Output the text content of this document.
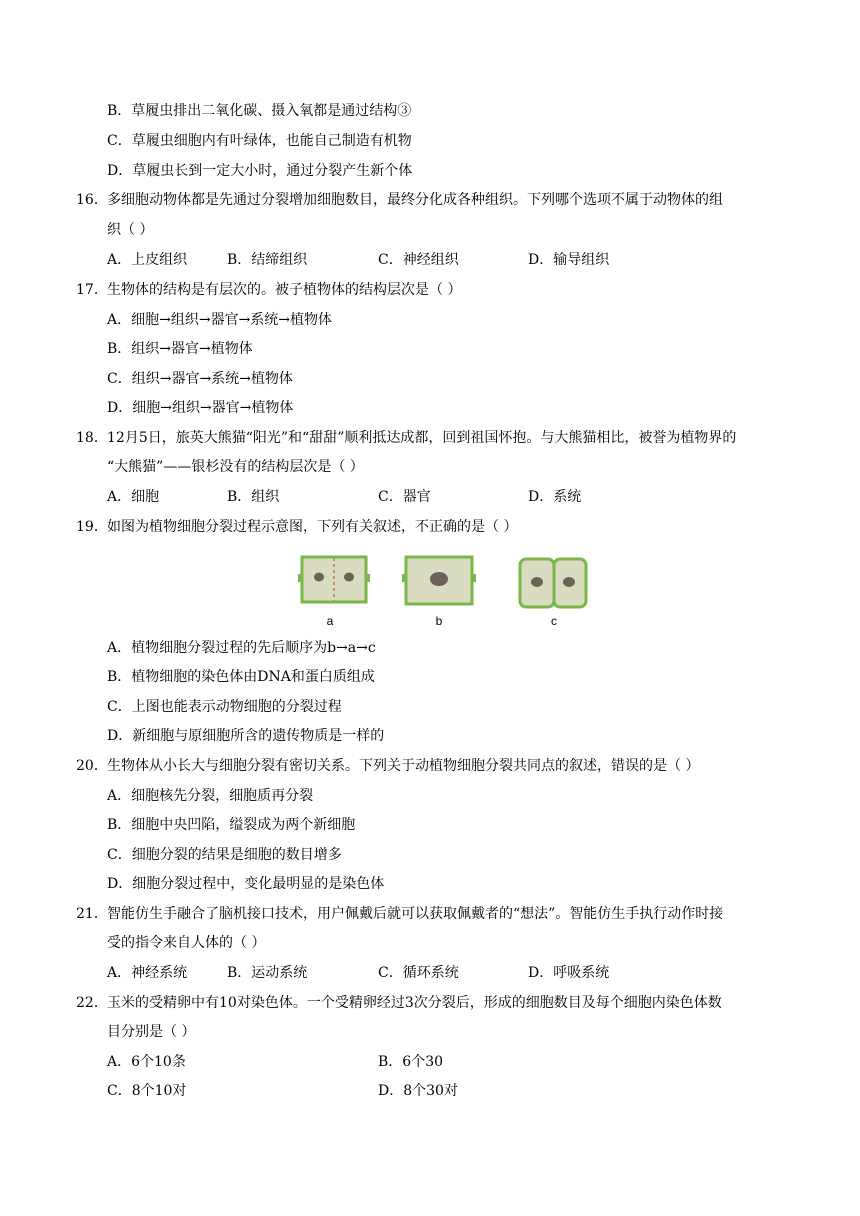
B．草履虫排出二氧化碳、摄入氧都是通过结构③
C．草履虫细胞内有叶绿体，也能自己制造有机物
D．草履虫长到一定大小时，通过分裂产生新个体
16． 多细胞动物体都是先通过分裂增加细胞数目，最终分化成各种组织。下列哪个选项不属于动物体的组
织（ ）
A．上皮组织	B．结缔组织	C．神经组织	D．输导组织
17． 生物体的结构是有层次的。被子植物体的结构层次是（ ）
A．细胞→组织→器官→系统→植物体
B．组织→器官→植物体
C．组织→器官→系统→植物体
D．细胞→组织→器官→植物体
18． 12月5日，旅英大熊猫“阳光”和“甜甜”顺利抵达成都，回到祖国怀抱。与大熊猫相比，被誉为植物界的
“大熊猫”——银杉没有的结构层次是（ ）
A．细胞	B．组织	C．器官	D．系统
19． 如图为植物细胞分裂过程示意图，下列有关叙述，不正确的是（ ）
a	b	c
A．植物细胞分裂过程的先后顺序为b→a→c
B．植物细胞的染色体由DNA和蛋白质组成
C．上图也能表示动物细胞的分裂过程
D．新细胞与原细胞所含的遗传物质是一样的
20． 生物体从小长大与细胞分裂有密切关系。下列关于动植物细胞分裂共同点的叙述，错误的是（ ）
A．细胞核先分裂，细胞质再分裂
B．细胞中央凹陷，缢裂成为两个新细胞
C．细胞分裂的结果是细胞的数目增多
D．细胞分裂过程中，变化最明显的是染色体
21． 智能仿生手融合了脑机接口技术，用户佩戴后就可以获取佩戴者的“想法”。智能仿生手执行动作时接
受的指令来自人体的（ ）
A．神经系统	B．运动系统	C．循环系统	D．呼吸系统
22． 玉米的受精卵中有10对染色体。一个受精卵经过3次分裂后，形成的细胞数目及每个细胞内染色体数
目分别是（ ）
A．6个10条	B．6个30
C．8个10对	D．8个30对
